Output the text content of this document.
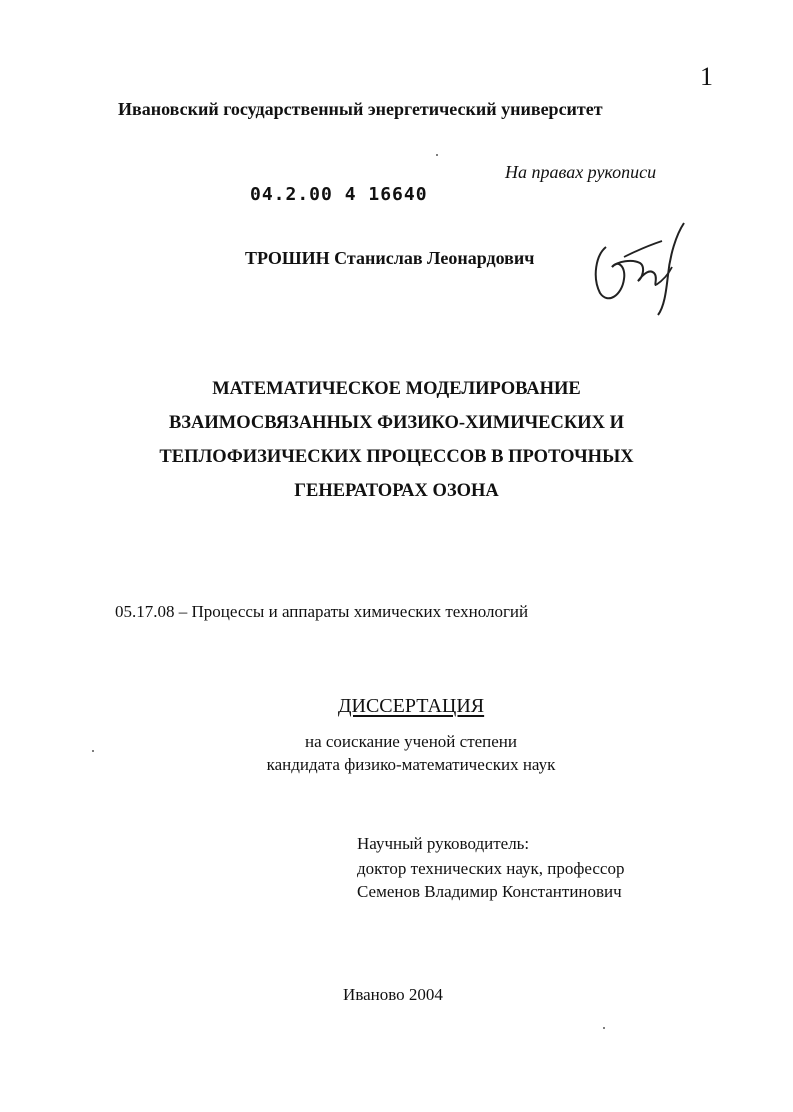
1
Ивановский государственный энергетический университет
На правах рукописи
04.2.00 4 16640
ТРОШИН Станислав Леонардович
МАТЕМАТИЧЕСКОЕ МОДЕЛИРОВАНИЕ
ВЗАИМОСВЯЗАННЫХ ФИЗИКО-ХИМИЧЕСКИХ И
ТЕПЛОФИЗИЧЕСКИХ ПРОЦЕССОВ В ПРОТОЧНЫХ
ГЕНЕРАТОРАХ ОЗОНА
05.17.08 – Процессы и аппараты химических технологий
ДИССЕРТАЦИЯ
на соискание ученой степени
кандидата физико-математических наук
Научный руководитель:
доктор технических наук, профессор
Семенов Владимир Константинович
Иваново 2004
